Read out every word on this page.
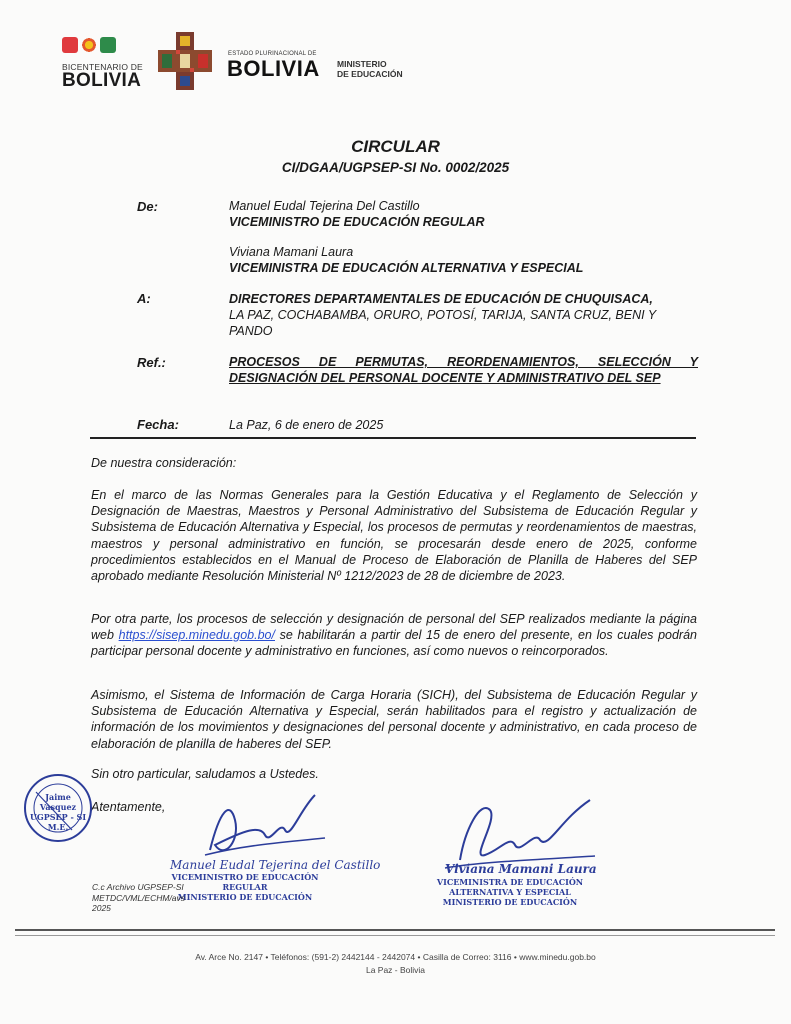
BICENTENARIO DE
BOLIVIA
ESTADO PLURINACIONAL DE
BOLIVIA MINISTERIO
DE EDUCACIÓN
CIRCULAR
CI/DGAA/UGPSEP-SI No. 0002/2025
De:	Manuel Eudal Tejerina Del Castillo
VICEMINISTRO DE EDUCACIÓN REGULAR
Viviana Mamani Laura
VICEMINISTRA DE EDUCACIÓN ALTERNATIVA Y ESPECIAL
A:	DIRECTORES DEPARTAMENTALES DE EDUCACIÓN DE CHUQUISACA,
LA PAZ, COCHABAMBA, ORURO, POTOSÍ, TARIJA, SANTA CRUZ, BENI Y PANDO
Ref.:	PROCESOS DE PERMUTAS, REORDENAMIENTOS, SELECCIÓN Y DESIGNACIÓN DEL PERSONAL DOCENTE Y ADMINISTRATIVO DEL SEP
Fecha:	La Paz, 6 de enero de 2025
De nuestra consideración:
En el marco de las Normas Generales para la Gestión Educativa y el Reglamento de Selección y Designación de Maestras, Maestros y Personal Administrativo del Subsistema de Educación Regular y Subsistema de Educación Alternativa y Especial, los procesos de permutas y reordenamientos de maestras, maestros y personal administrativo en función, se procesarán desde enero de 2025, conforme procedimientos establecidos en el Manual de Proceso de Elaboración de Planilla de Haberes del SEP aprobado mediante Resolución Ministerial Nº 1212/2023 de 28 de diciembre de 2023.
Por otra parte, los procesos de selección y designación de personal del SEP realizados mediante la página web https://sisep.minedu.gob.bo/ se habilitarán a partir del 15 de enero del presente, en los cuales podrán participar personal docente y administrativo en funciones, así como nuevos o reincorporados.
Asimismo, el Sistema de Información de Carga Horaria (SICH), del Subsistema de Educación Regular y Subsistema de Educación Alternativa y Especial, serán habilitados para el registro y actualización de información de los movimientos y designaciones del personal docente y administrativo, en cada proceso de elaboración de planilla de haberes del SEP.
Sin otro particular, saludamos a Ustedes.
Atentamente,
Jaime Vasquez
UGPSEP - SI
M.E.
Manuel Eudal Tejerina del Castillo
VICEMINISTRO DE EDUCACIÓN REGULAR
MINISTERIO DE EDUCACIÓN
Viviana Mamani Laura
VICEMINISTRA DE EDUCACIÓN
ALTERNATIVA Y ESPECIAL
MINISTERIO DE EDUCACIÓN
C.c Archivo UGPSEP-SI
METDC/VML/ECHM/avs
2025
Av. Arce No. 2147 • Teléfonos: (591-2) 2442144 - 2442074 • Casilla de Correo: 3116 • www.minedu.gob.bo
La Paz - Bolivia
